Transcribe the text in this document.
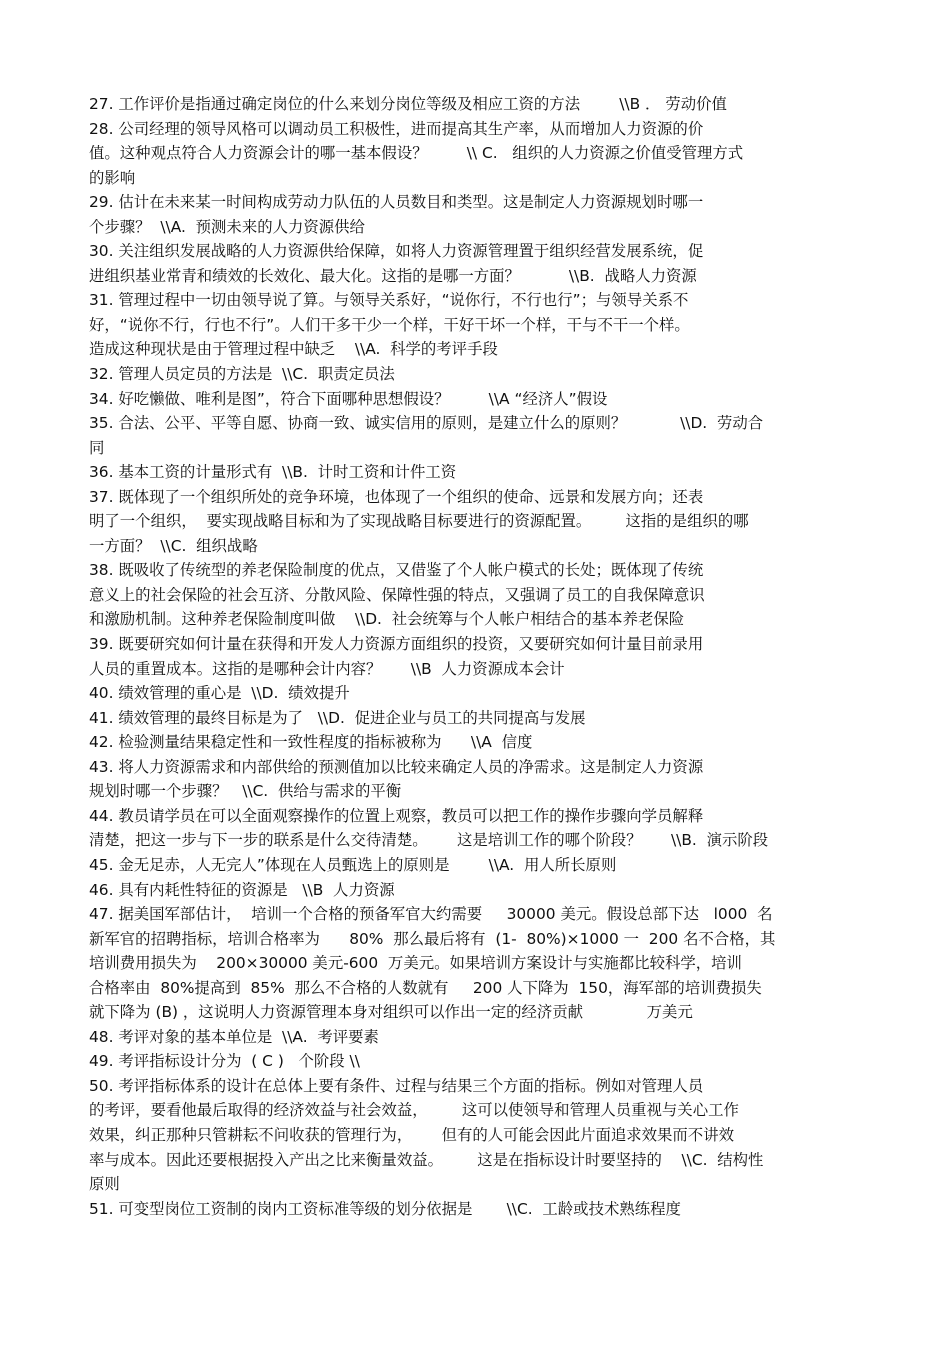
27. 工作评价是指通过确定岗位的什么来划分岗位等级及相应工资的方法        \\B ． 劳动价值
28. 公司经理的领导风格可以调动员工积极性，进而提高其生产率，从而增加人力资源的价
值。这种观点符合人力资源会计的哪一基本假设？        \\ C.   组织的人力资源之价值受管理方式
的影响
29. 估计在未来某一时间构成劳动力队伍的人员数目和类型。这是制定人力资源规划时哪一
个步骤？  \\A.  预测未来的人力资源供给
30. 关注组织发展战略的人力资源供给保障，如将人力资源管理置于组织经营发展系统，促
进组织基业常青和绩效的长效化、最大化。这指的是哪一方面？          \\B.  战略人力资源
31. 管理过程中一切由领导说了算。与领导关系好，“说你行，不行也行”；与领导关系不
好，“说你不行，行也不行”。人们干多干少一个样，干好干坏一个样，干与不干一个样。
造成这种现状是由于管理过程中缺乏    \\A.  科学的考评手段
32. 管理人员定员的方法是  \\C.  职责定员法
34. 好吃懒做、唯利是图”，符合下面哪种思想假设？        \\A “经济人”假设
35. 合法、公平、平等自愿、协商一致、诚实信用的原则，是建立什么的原则？           \\D.  劳动合
同
36. 基本工资的计量形式有  \\B.  计时工资和计件工资
37. 既体现了一个组织所处的竞争环境，也体现了一个组织的使命、远景和发展方向；还表
明了一个组织，  要实现战略目标和为了实现战略目标要进行的资源配置。       这指的是组织的哪
一方面？  \\C.  组织战略
38. 既吸收了传统型的养老保险制度的优点，又借鉴了个人帐户模式的长处；既体现了传统
意义上的社会保险的社会互济、分散风险、保障性强的特点，又强调了员工的自我保障意识
和激励机制。这种养老保险制度叫做    \\D.  社会统筹与个人帐户相结合的基本养老保险
39. 既要研究如何计量在获得和开发人力资源方面组织的投资，又要研究如何计量目前录用
人员的重置成本。这指的是哪种会计内容？      \\B  人力资源成本会计
40. 绩效管理的重心是  \\D.  绩效提升
41. 绩效管理的最终目标是为了   \\D.  促进企业与员工的共同提高与发展
42. 检验测量结果稳定性和一致性程度的指标被称为      \\A  信度
43. 将人力资源需求和内部供给的预测值加以比较来确定人员的净需求。这是制定人力资源
规划时哪一个步骤？   \\C.  供给与需求的平衡
44. 教员请学员在可以全面观察操作的位置上观察，教员可以把工作的操作步骤向学员解释
清楚，把这一步与下一步的联系是什么交待清楚。      这是培训工作的哪个阶段？      \\B.  演示阶段
45. 金无足赤，人无完人”体现在人员甄选上的原则是        \\A.  用人所长原则
46. 具有内耗性特征的资源是   \\B  人力资源
47. 据美国军部估计，  培训一个合格的预备军官大约需要     30000 美元。假设总部下达   l000  名
新军官的招聘指标，培训合格率为      80%  那么最后将有  (1-  80%)×1000 一  200 名不合格，其
培训费用损失为    200×30000 美元-600  万美元。如果培训方案设计与实施都比较科学，培训
合格率由  80%提高到  85%  那么不合格的人数就有     200 人下降为  150，海军部的培训费损失
就下降为 (B) ，这说明人力资源管理本身对组织可以作出一定的经济贡献             万美元
48. 考评对象的基本单位是  \\A.  考评要素
49. 考评指标设计分为  ( C )   个阶段 \\
50. 考评指标体系的设计在总体上要有条件、过程与结果三个方面的指标。例如对管理人员
的考评，要看他最后取得的经济效益与社会效益，       这可以使领导和管理人员重视与关心工作
效果，纠正那种只管耕耘不问收获的管理行为，      但有的人可能会因此片面追求效果而不讲效
率与成本。因此还要根据投入产出之比来衡量效益。       这是在指标设计时要坚持的    \\C.  结构性
原则
51. 可变型岗位工资制的岗内工资标准等级的划分依据是       \\C.  工龄或技术熟练程度
